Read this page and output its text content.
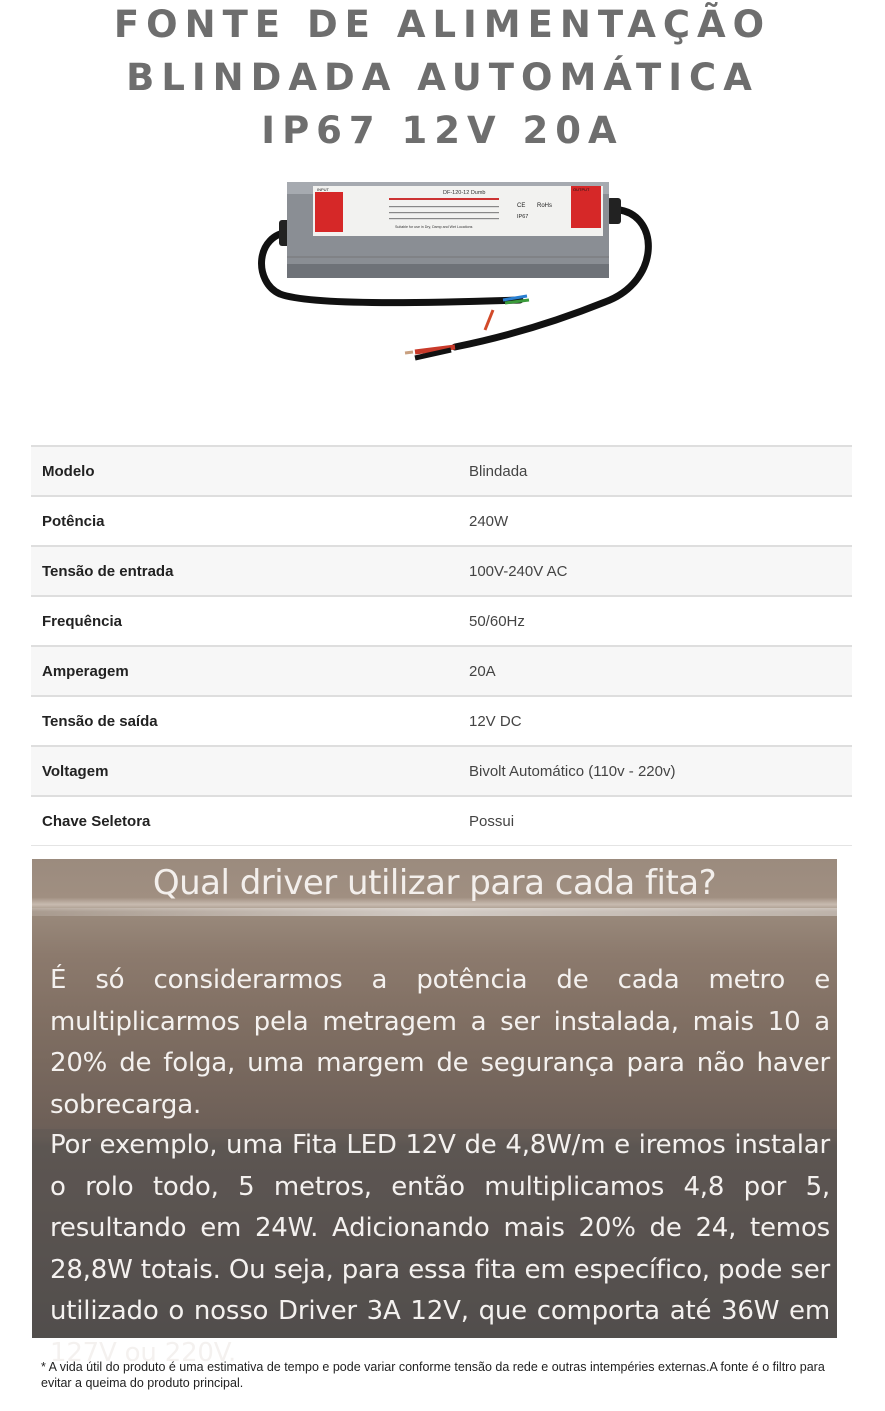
FONTE DE ALIMENTAÇÃO
BLINDADA AUTOMÁTICA
IP67 12V 20A
INPUT	OUTPUT
DF-120-12 Dumb
CE RoHs
IP67
Suitable for use in Dry, Damp and Wet Locations
Modelo	Blindada
Potência	240W
Tensão de entrada	100V-240V AC
Frequência	50/60Hz
Amperagem	20A
Tensão de saída	12V DC
Voltagem	Bivolt Automático (110v - 220v)
Chave Seletora	Possui
Qual driver utilizar para cada fita?
É só considerarmos a potência de cada metro e multiplicarmos pela metragem a ser instalada, mais 10 a 20% de folga, uma margem de segurança para não haver sobrecarga.
Por exemplo, uma Fita LED 12V de 4,8W/m e iremos instalar o rolo todo, 5 metros, então multiplicamos 4,8 por 5, resultando em 24W. Adicionando mais 20% de 24, temos 28,8W totais. Ou seja, para essa fita em específico, pode ser utilizado o nosso Driver 3A 12V, que comporta até 36W em 127V ou 220V.
* A vida útil do produto é uma estimativa de tempo e pode variar conforme tensão da rede e outras intempéries externas.A fonte é o filtro para evitar a queima do produto principal.
